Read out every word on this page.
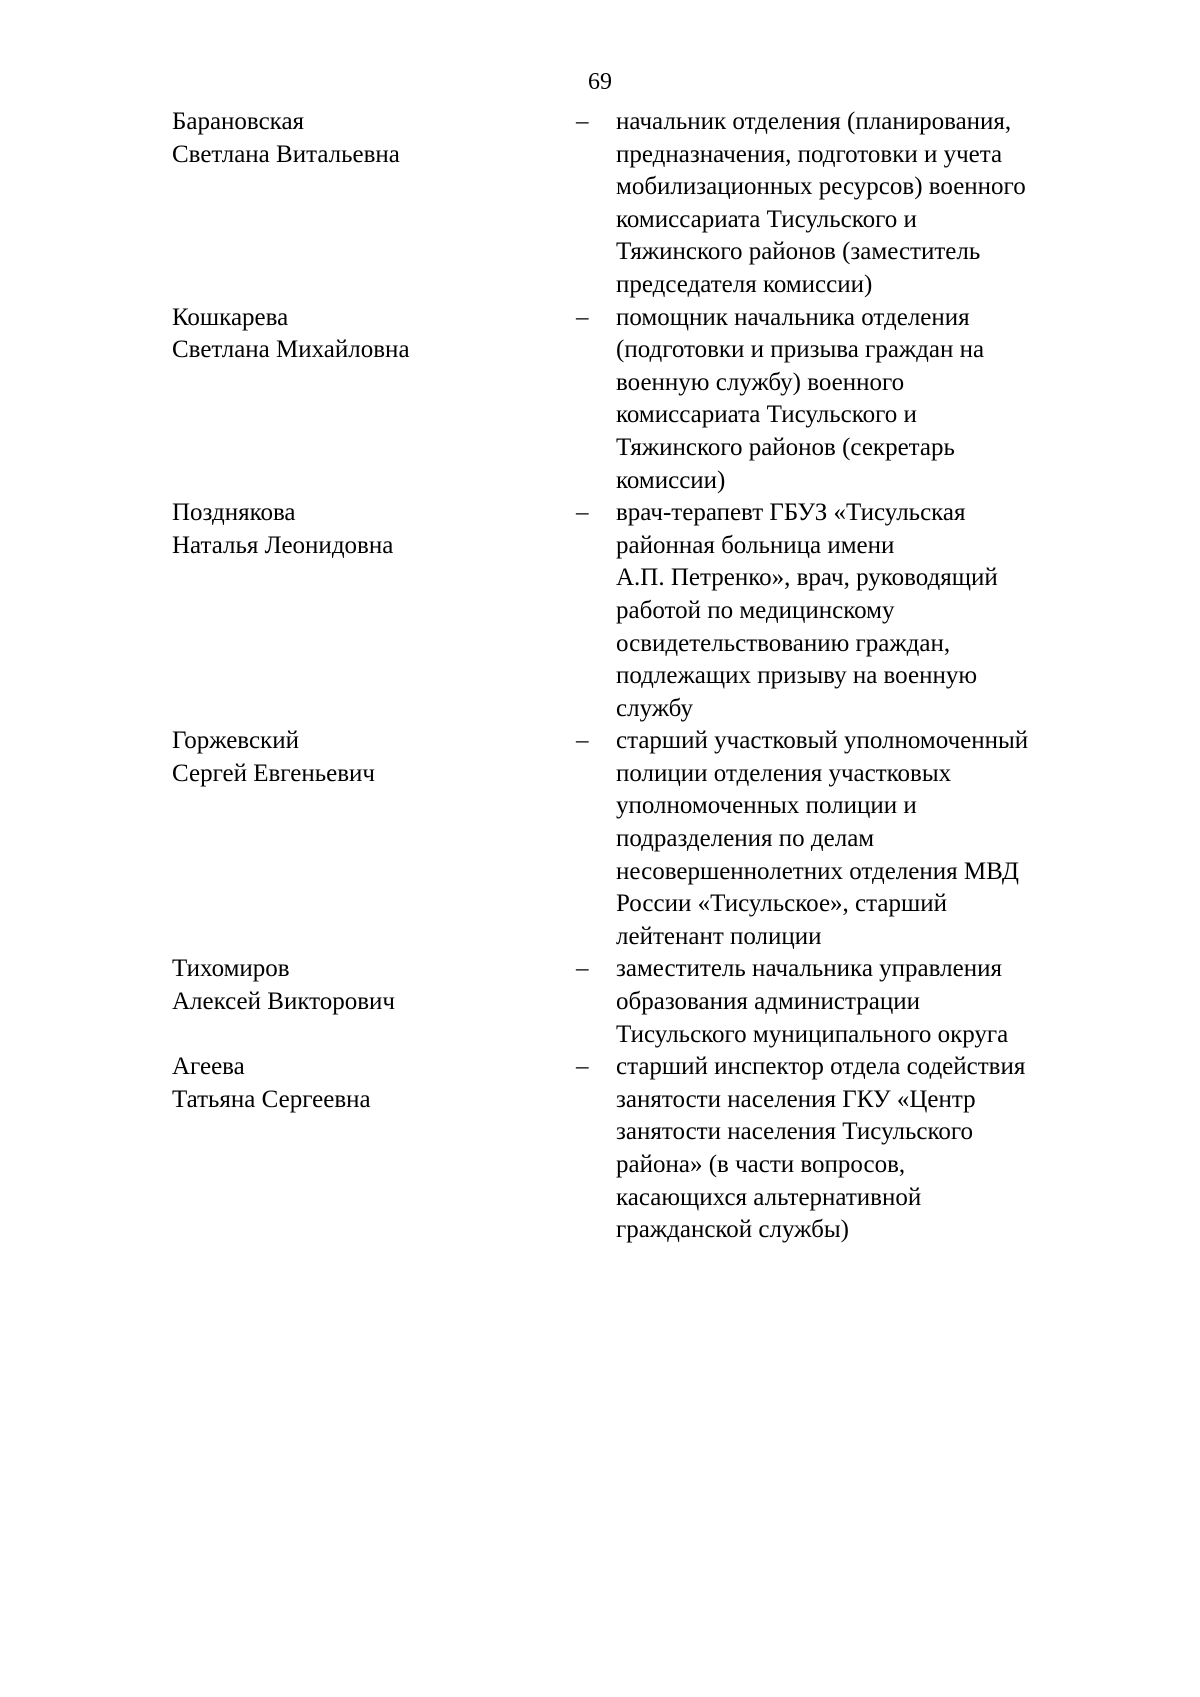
69
Барановская
Светлана Витальевна
– начальник отделения (планирования,
предназначения, подготовки и учета
мобилизационных ресурсов) военного
комиссариата Тисульского и
Тяжинского районов (заместитель
председателя комиссии)
Кошкарева
Светлана Михайловна
– помощник начальника отделения
(подготовки и призыва граждан на
военную службу) военного
комиссариата Тисульского и
Тяжинского районов (секретарь
комиссии)
Позднякова
Наталья Леонидовна
– врач-терапевт ГБУЗ «Тисульская
районная больница имени
А.П. Петренко», врач, руководящий
работой по медицинскому
освидетельствованию граждан,
подлежащих призыву на военную
службу
Горжевский
Сергей Евгеньевич
– старший участковый уполномоченный
полиции отделения участковых
уполномоченных полиции и
подразделения по делам
несовершеннолетних отделения МВД
России «Тисульское», старший
лейтенант полиции
Тихомиров
Алексей Викторович
– заместитель начальника управления
образования администрации
Тисульского муниципального округа
Агеева
Татьяна Сергеевна
– старший инспектор отдела содействия
занятости населения ГКУ «Центр
занятости населения Тисульского
района» (в части вопросов,
касающихся альтернативной
гражданской службы)
